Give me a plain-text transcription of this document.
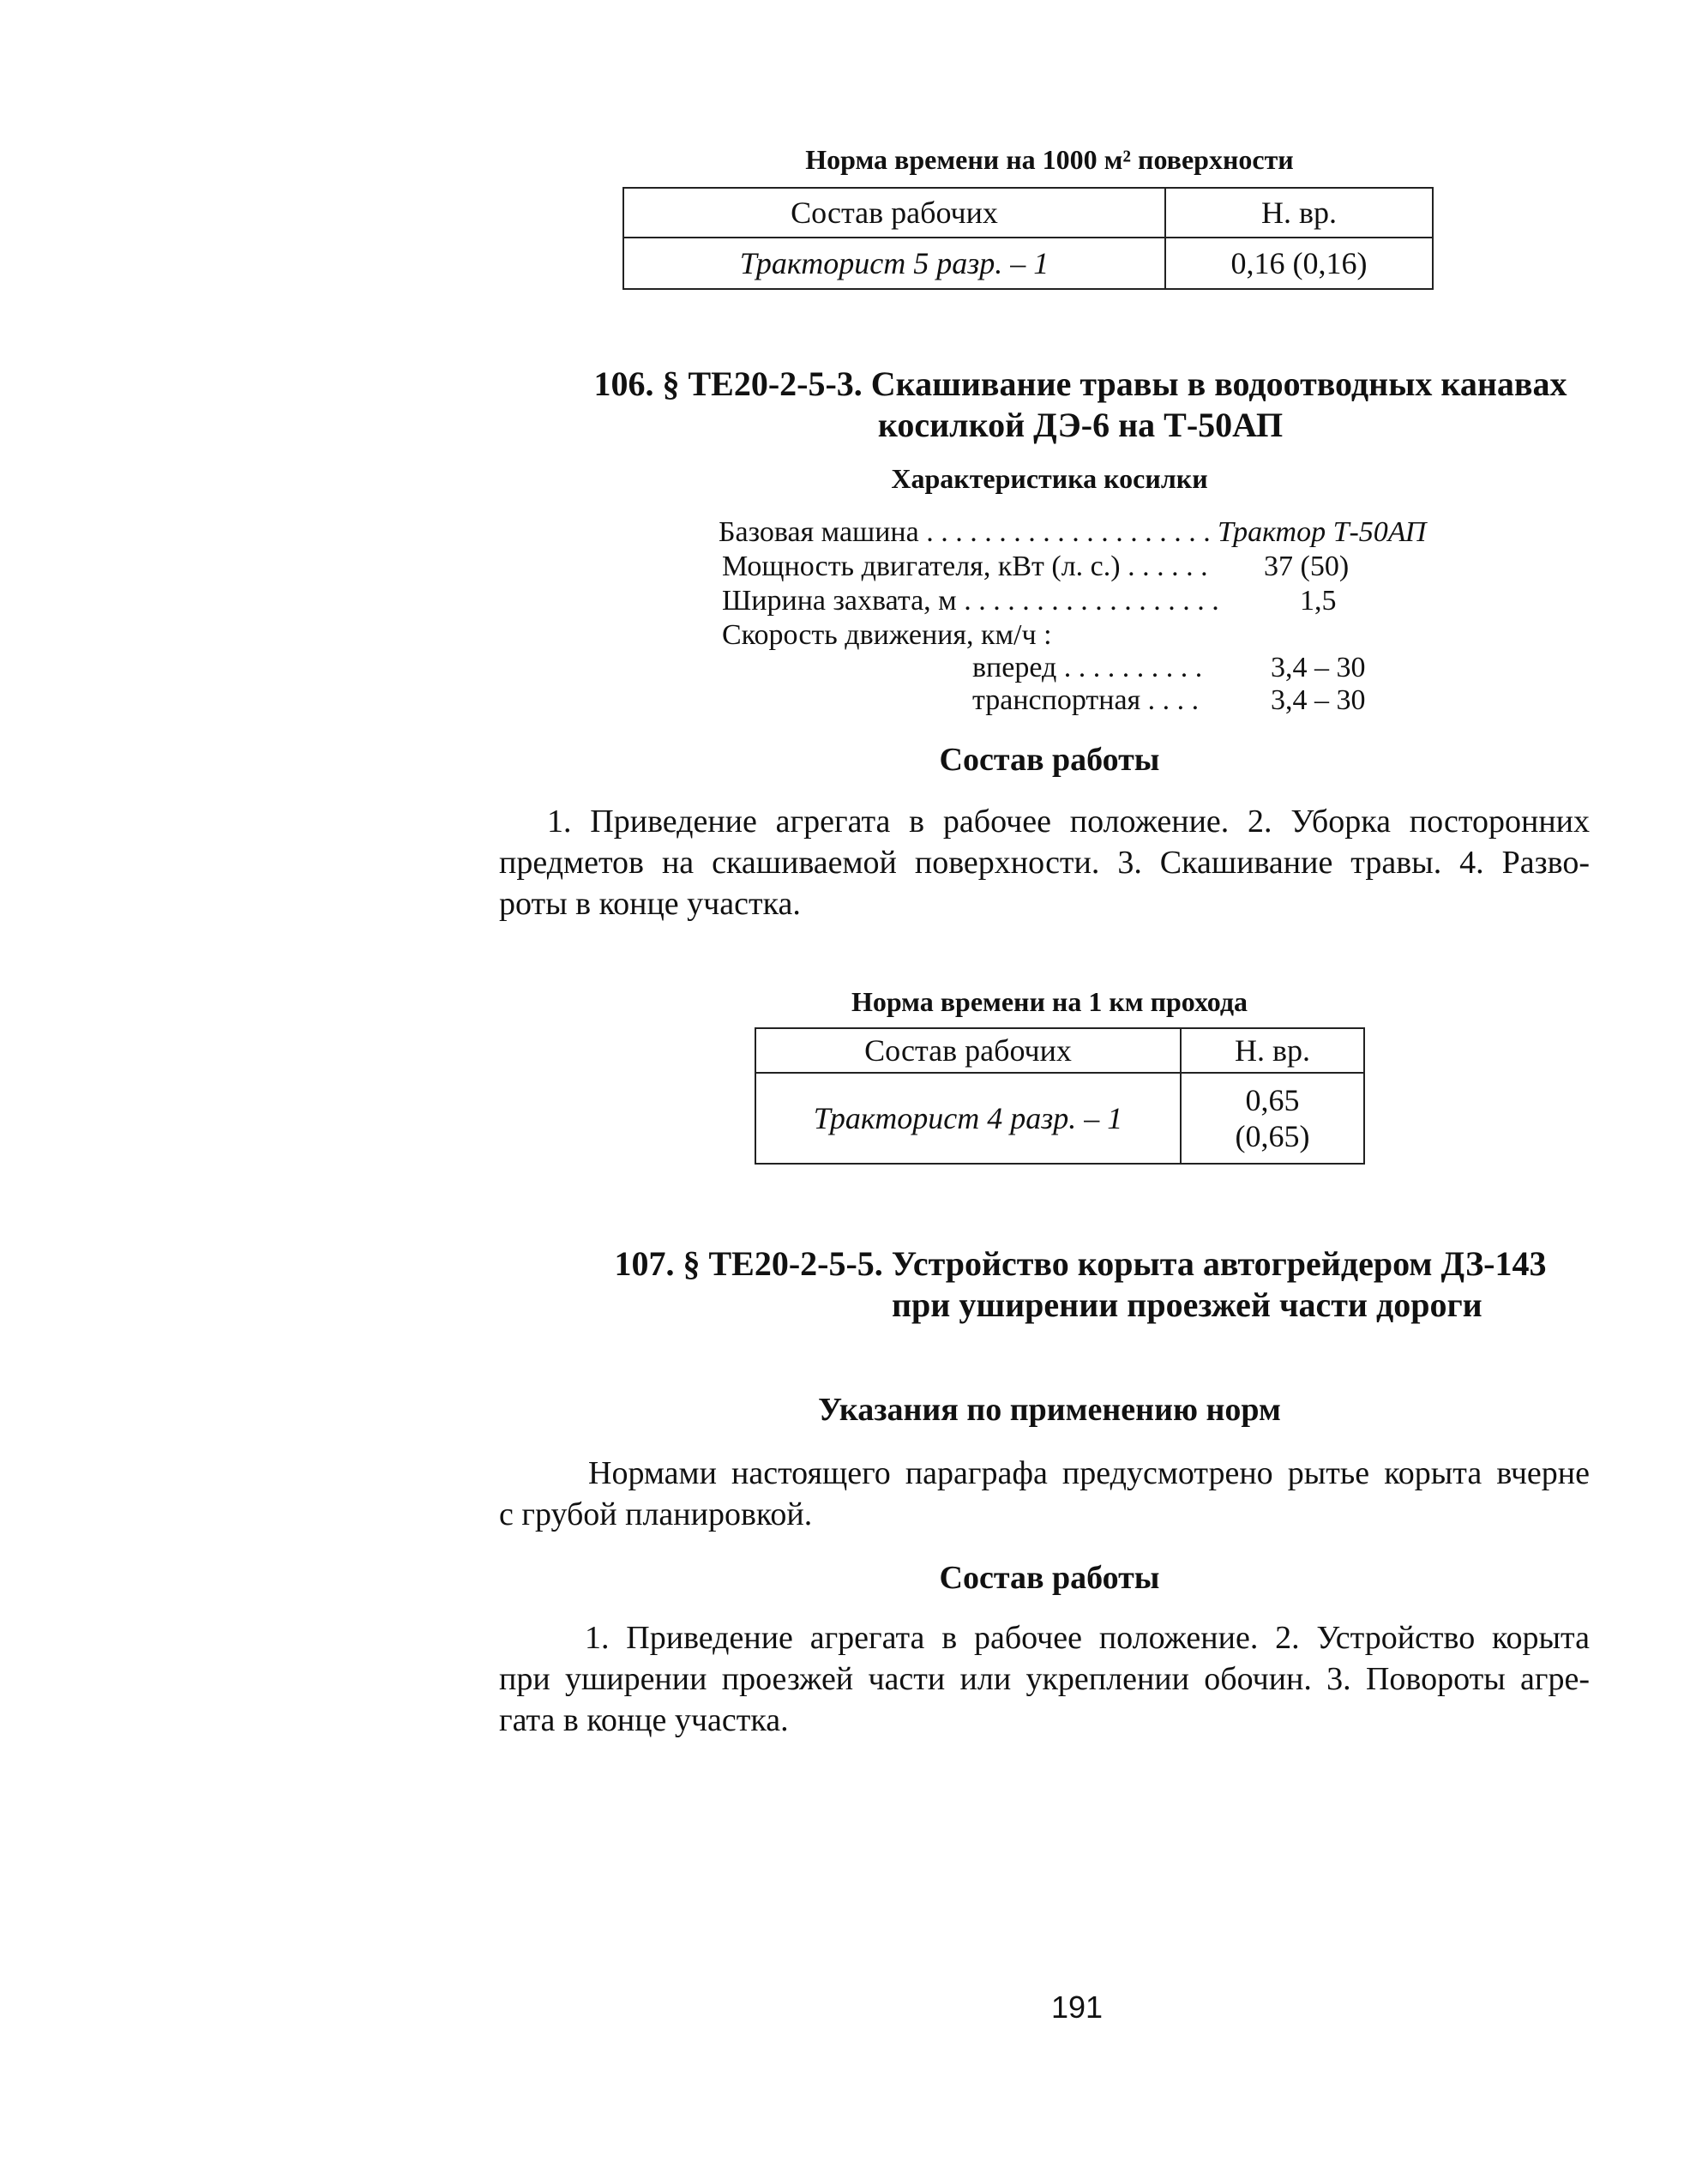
Норма времени на 1000 м² поверхности
Состав рабочих	Н. вр.
Тракторист 5 разр. – 1	0,16 (0,16)
106. § ТЕ20-2-5-3. Скашивание травы в водоотводных канавах
косилкой ДЭ-6 на Т-50АП
Характеристика косилки
Базовая машина . . . . . . . . . . . . . . . . . . . . Трактор Т-50АП
Мощность двигателя, кВт (л. с.) . . . . . . 37 (50)
Ширина захвата, м . . . . . . . . . . . . . . . . . .	1,5
Скорость движения, км/ч :
вперед . . . . . . . . . . 3,4 – 30
транспортная . . . . 3,4 – 30
Состав работы
1. Приведение агрегата в рабочее положение. 2. Уборка посторонних
предметов на скашиваемой поверхности. 3. Скашивание травы. 4. Разво-
роты в конце участка.
Норма времени на 1 км прохода
Состав рабочих	Н. вр.
Тракторист 4 разр. – 1	0,65
(0,65)
107. § ТЕ20-2-5-5. Устройство корыта автогрейдером ДЗ-143
при уширении проезжей части дороги
Указания по применению норм
Нормами настоящего параграфа предусмотрено рытье корыта вчерне
с грубой планировкой.
Состав работы
1. Приведение агрегата в рабочее положение. 2. Устройство корыта
при уширении проезжей части или укреплении обочин. 3. Повороты агре-
гата в конце участка.
191
